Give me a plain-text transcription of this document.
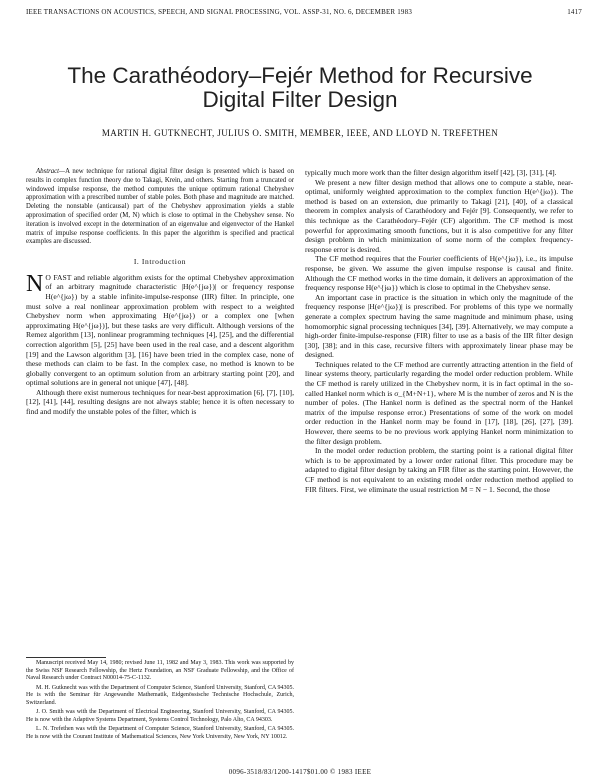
IEEE TRANSACTIONS ON ACOUSTICS, SPEECH, AND SIGNAL PROCESSING, VOL. ASSP-31, NO. 6, DECEMBER 1983	1417
The Carathéodory–Fejér Method for Recursive
Digital Filter Design
MARTIN H. GUTKNECHT, JULIUS O. SMITH, MEMBER, IEEE, AND LLOYD N. TREFETHEN

Abstract—A new technique for rational digital filter design is presented which is based on results in complex function theory due to Takagi, Krein, and others. Starting from a truncated or windowed impulse response, the method computes the unique optimum rational Chebyshev approximation with a prescribed number of stable poles. Both phase and magnitude are matched. Deleting the nonstable (anticausal) part of the Chebyshev approximation yields a stable approximation of specified order (M, N) which is close to optimal in the Chebyshev sense. No iteration is involved except in the determination of an eigenvalue and eigenvector of the Hankel matrix of impulse response coefficients. In this paper the algorithm is specified and practical examples are discussed.

I. Introduction

N O FAST and reliable algorithm exists for the optimal Chebyshev approximation of an arbitrary magnitude characteristic |H(e^{jω})| or frequency response H(e^{jω}) by a stable infinite-impulse-response (IIR) filter. In principle, one must solve a real nonlinear approximation problem with respect to a weighted Chebyshev norm when approximating H(e^{jω}) or a complex one [when approximating H(e^{jω})], but these tasks are very difficult. Although versions of the Remez algorithm [13], nonlinear programming techniques [4], [25], and the differential correction algorithm [5], [25] have been used in the real case, and a descent algorithm [19] and the Lawson algorithm [3], [16] have been tried in the complex case, none of these methods can claim to be fast. In the complex case, no method is known to be globally convergent to an optimum solution from an arbitrary starting point [20], and optimal solutions are in general not unique [47], [48].

Although there exist numerous techniques for near-best approximation [6], [7], [10], [12], [41], [44], resulting designs are not always stable; hence it is often necessary to find and modify the unstable poles of the filter, which is

Manuscript received May 14, 1980; revised June 11, 1982 and May 3, 1983. This work was supported by the Swiss NSF Research Fellowship, the Hertz Foundation, an NSF Graduate Fellowship, and the Office of Naval Research under Contract N00014-75-C-1132.

M. H. Gutknecht was with the Department of Computer Science, Stanford University, Stanford, CA 94305. He is with the Seminar für Angewandte Mathematik, Eidgenössische Technische Hochschule, Zurich, Switzerland.

J. O. Smith was with the Department of Electrical Engineering, Stanford University, Stanford, CA 94305. He is now with the Adaptive Systems Department, Systems Control Technology, Palo Alto, CA 94303.

L. N. Trefethen was with the Department of Computer Science, Stanford University, Stanford, CA 94305. He is now with the Courant Institute of Mathematical Sciences, New York University, New York, NY 10012.

typically much more work than the filter design algorithm itself [42], [3], [31], [4].

We present a new filter design method that allows one to compute a stable, near-optimal, uniformly weighted approximation to the complex function H(e^{jω}). The method is based on an extension, due primarily to Takagi [21], [40], of a classical theorem in complex analysis of Carathéodory and Fejér [9]. Consequently, we refer to this technique as the Carathéodory–Fejér (CF) algorithm. The CF method is most powerful for approximating smooth functions, but it is also competitive for any filter design problem in which minimization of some norm of the complex frequency-response error is desired.

The CF method requires that the Fourier coefficients of H(e^{jω}), i.e., its impulse response, be given. We assume the given impulse response is causal and finite. Although the CF method works in the time domain, it delivers an approximation of the frequency response H(e^{jω}) which is close to optimal in the Chebyshev sense.

An important case in practice is the situation in which only the magnitude of the frequency response |H(e^{jω})| is prescribed. For problems of this type we normally generate a complex spectrum having the same magnitude and minimum phase, using homomorphic signal processing techniques [34], [39]. Alternatively, we may compute a high-order finite-impulse-response (FIR) filter to use as a basis of the IIR filter design [30], [38]; and in this case, recursive filters with approximately linear phase may be designed.

Techniques related to the CF method are currently attracting attention in the field of linear systems theory, particularly regarding the model order reduction problem. While the CF method is rarely utilized in the Chebyshev norm, it is in fact optimal in the so-called Hankel norm which is σ_{M+N+1}, where M is the number of zeros and N is the number of poles. (The Hankel norm is defined as the spectral norm of the Hankel matrix of the impulse response error.) Presentations of some of the work on model order reduction in the Hankel norm may be found in [17], [18], [26], [27], [39]. However, there seems to be no previous work applying Hankel norm minimization to the filter design problem.

In the model order reduction problem, the starting point is a rational digital filter which is to be approximated by a lower order rational filter. This procedure may be adapted to digital filter design by taking an FIR filter as the starting point. However, the CF method is not equivalent to an existing model order reduction method applied to FIR filters. First, we eliminate the usual restriction M = N − 1. Second, the those

0096-3518/83/1200-1417$01.00 © 1983 IEEE
